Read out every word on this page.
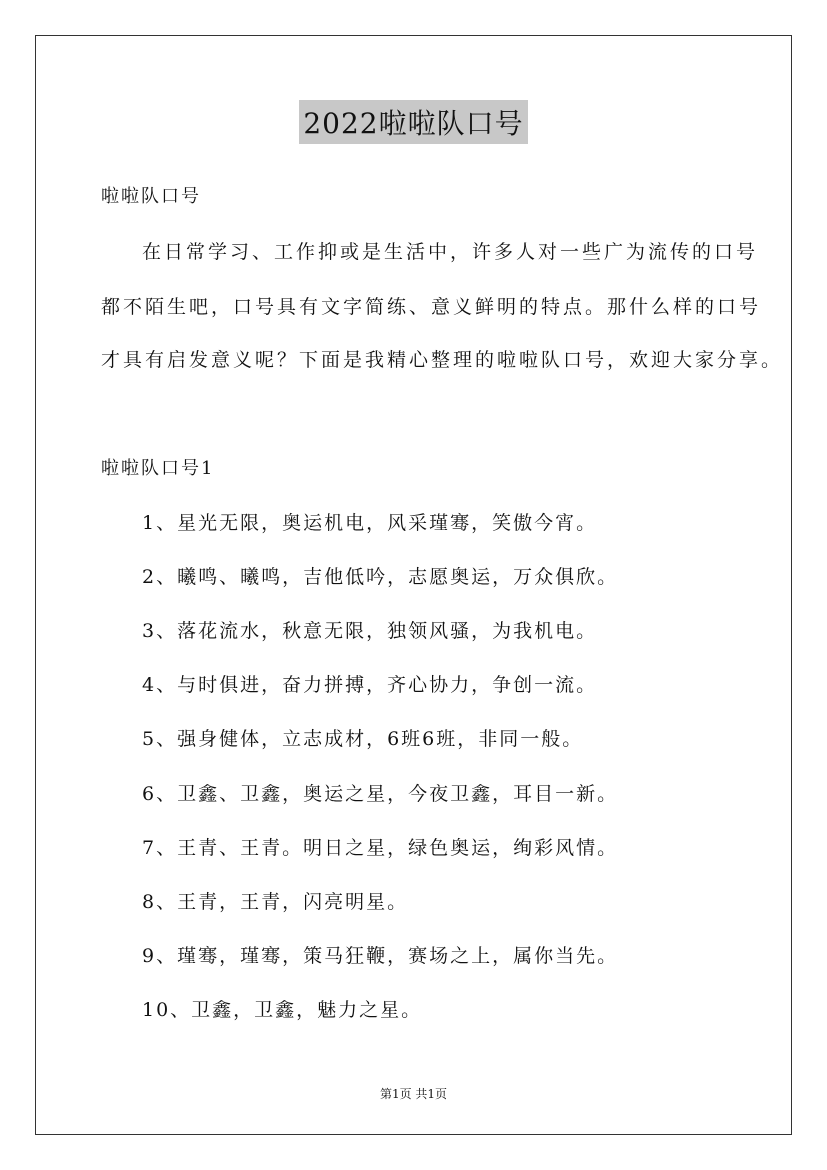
2022啦啦队口号
啦啦队口号
在日常学习、工作抑或是生活中，许多人对一些广为流传的口号
都不陌生吧，口号具有文字简练、意义鲜明的特点。那什么样的口号
才具有启发意义呢？下面是我精心整理的啦啦队口号，欢迎大家分享。
啦啦队口号1
1、星光无限，奥运机电，风采瑾骞，笑傲今宵。
2、曦鸣、曦鸣，吉他低吟，志愿奥运，万众俱欣。
3、落花流水，秋意无限，独领风骚，为我机电。
4、与时俱进，奋力拼搏，齐心协力，争创一流。
5、强身健体，立志成材，6班6班，非同一般。
6、卫鑫、卫鑫，奥运之星，今夜卫鑫，耳目一新。
7、王青、王青。明日之星，绿色奥运，绚彩风情。
8、王青，王青，闪亮明星。
9、瑾骞，瑾骞，策马狂鞭，赛场之上，属你当先。
10、卫鑫，卫鑫，魅力之星。
第1页 共1页
